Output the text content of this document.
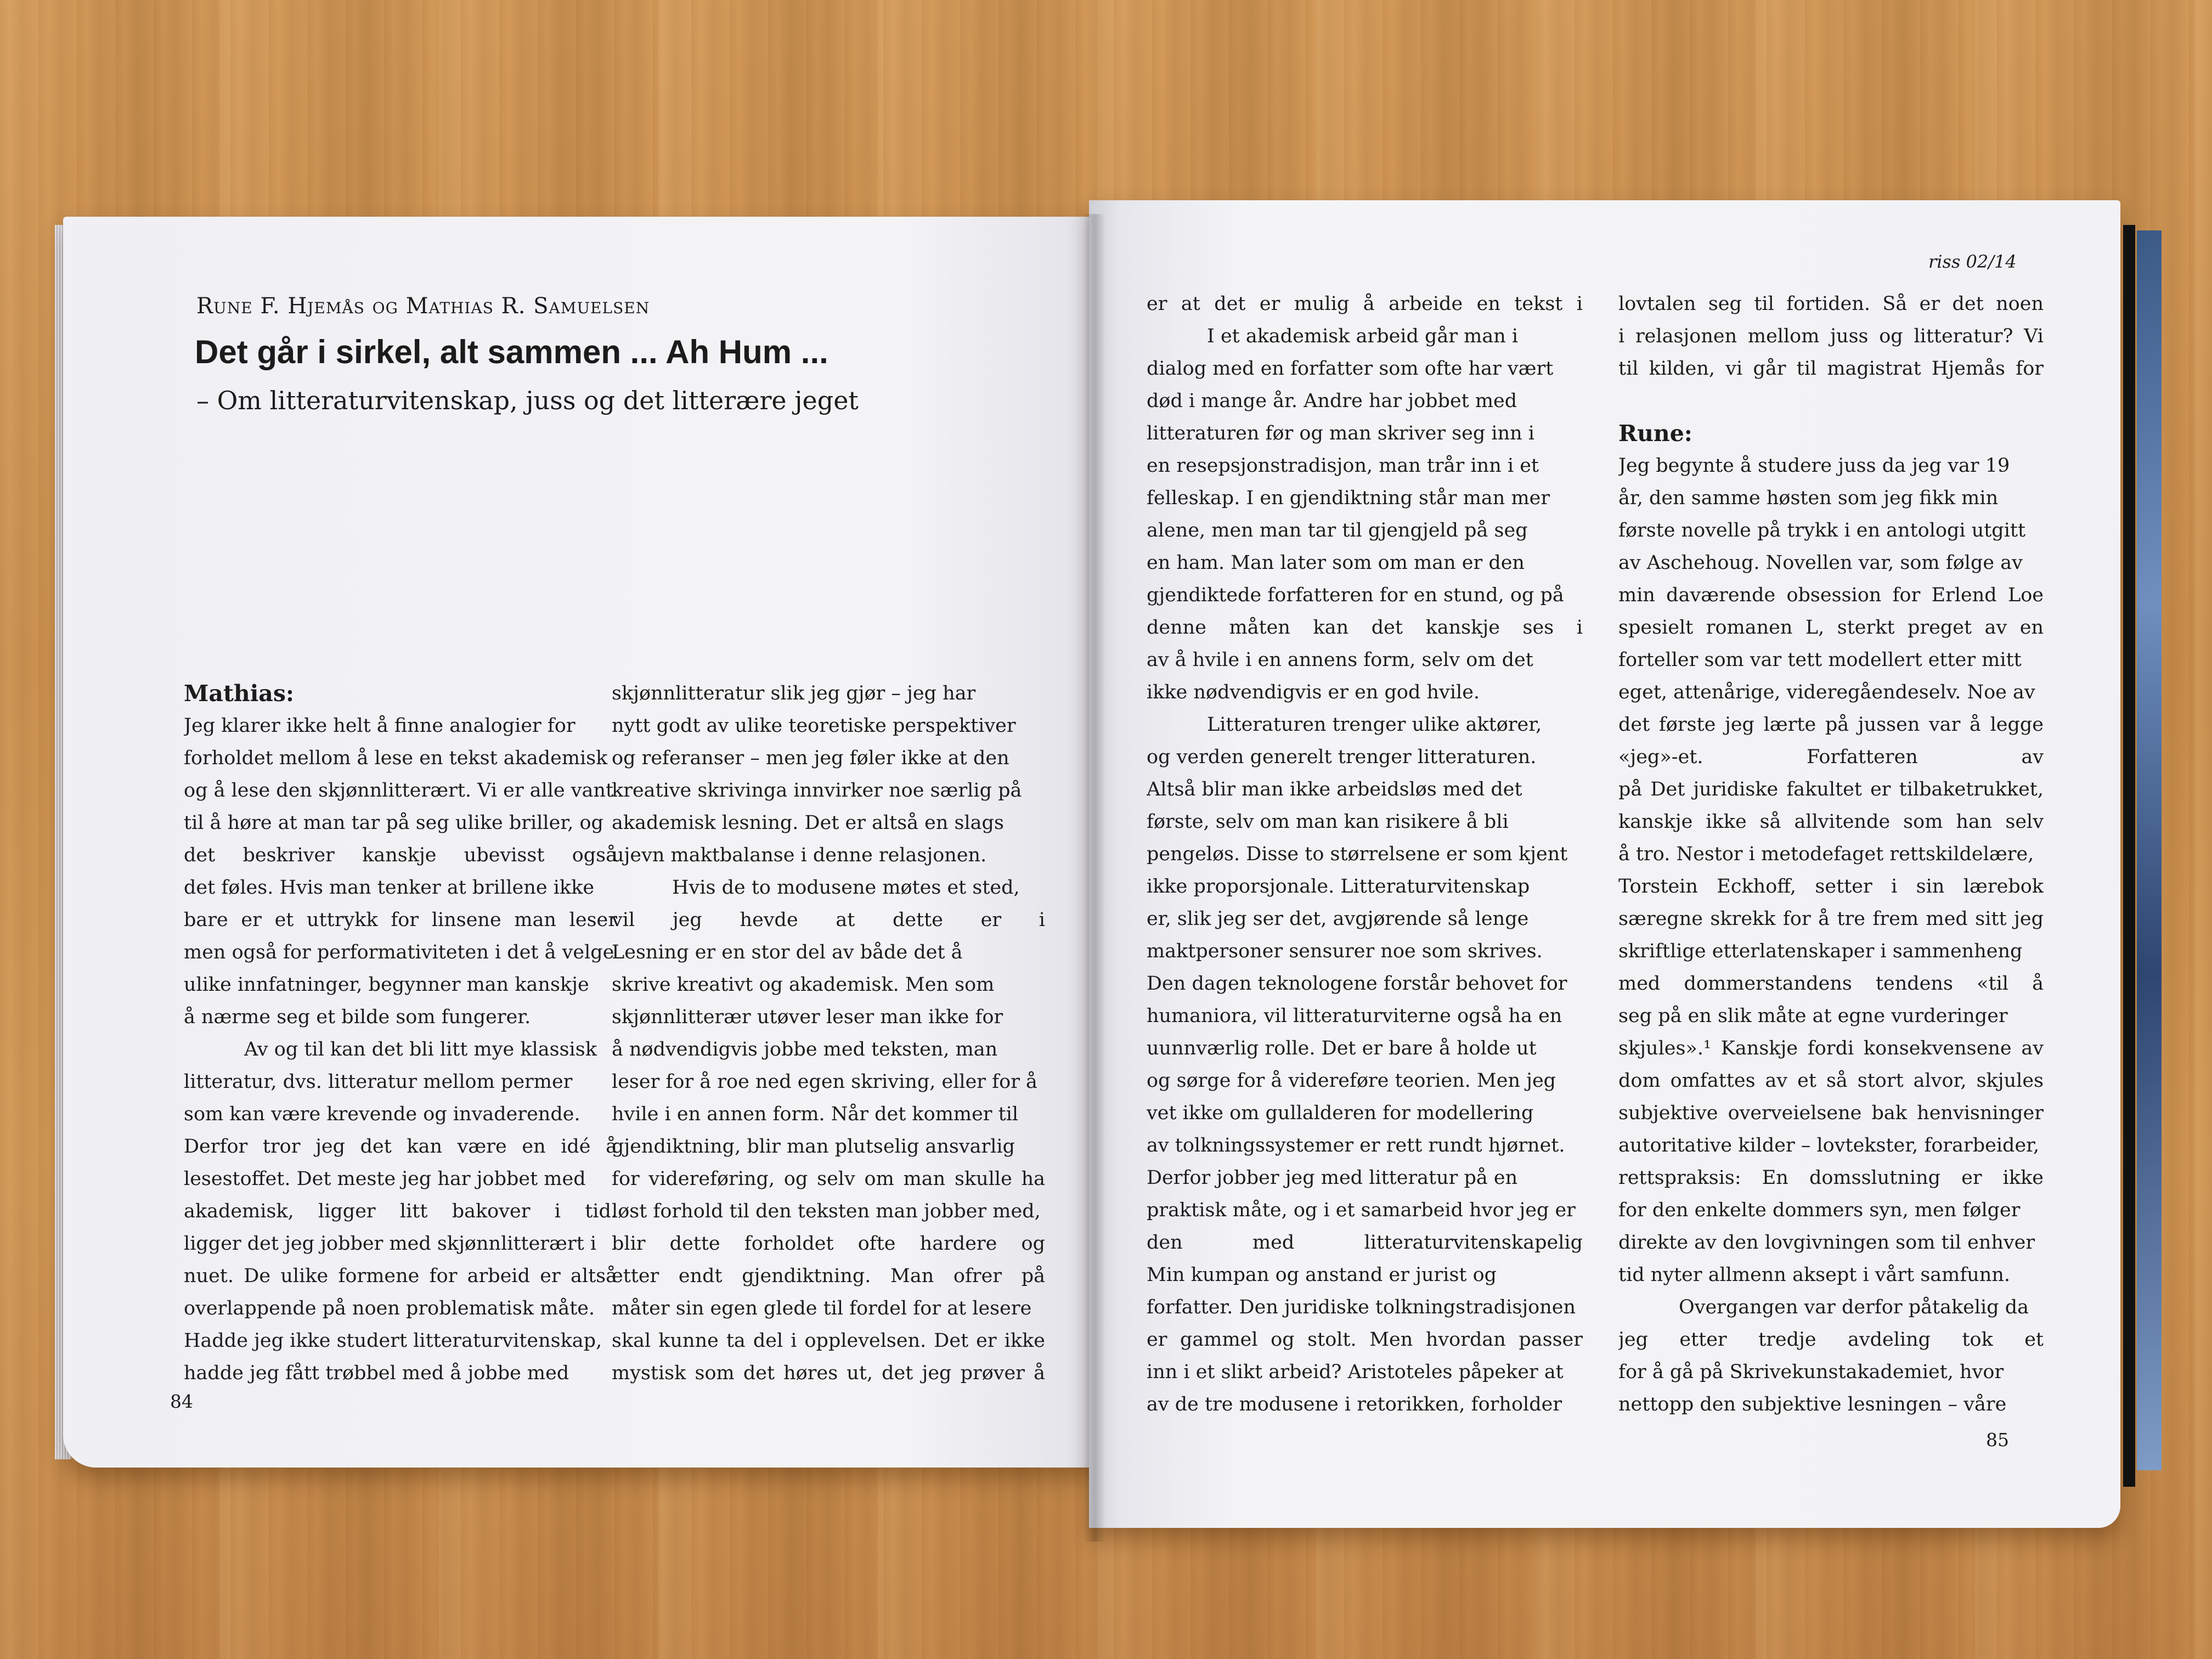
Rune F. Hjemås og Mathias R. Samuelsen
Det går i sirkel, alt sammen ... Ah Hum ...
– Om litteraturvitenskap, juss og det litterære jeget
Mathias:
Jeg klarer ikke helt å finne analogier for
forholdet mellom å lese en tekst akademisk
og å lese den skjønnlitterært. Vi er alle vant
til å høre at man tar på seg ulike briller, og
det beskriver kanskje ubevisst også
det føles. Hvis man tenker at brillene ikke
bare er et uttrykk for linsene man leser
men også for performativiteten i det å velge
ulike innfatninger, begynner man kanskje
å nærme seg et bilde som fungerer.
Av og til kan det bli litt mye klassisk
litteratur, dvs. litteratur mellom permer
som kan være krevende og invaderende.
Derfor tror jeg det kan være en idé å
lesestoffet. Det meste jeg har jobbet med
akademisk, ligger litt bakover i tid.
ligger det jeg jobber med skjønnlitterært i
nuet. De ulike formene for arbeid er altså
overlappende på noen problematisk måte.
Hadde jeg ikke studert litteraturvitenskap,
hadde jeg fått trøbbel med å jobbe med
skjønnlitteratur slik jeg gjør – jeg har
nytt godt av ulike teoretiske perspektiver
og referanser – men jeg føler ikke at den
kreative skrivinga innvirker noe særlig på
akademisk lesning. Det er altså en slags
ujevn maktbalanse i denne relasjonen.
Hvis de to modusene møtes et sted,
vil jeg hevde at dette er i
Lesning er en stor del av både det å
skrive kreativt og akademisk. Men som
skjønnlitterær utøver leser man ikke for
å nødvendigvis jobbe med teksten, man
leser for å roe ned egen skriving, eller for å
hvile i en annen form. Når det kommer til
gjendiktning, blir man plutselig ansvarlig
for videreføring, og selv om man skulle ha
løst forhold til den teksten man jobber med,
blir dette forholdet ofte hardere og
etter endt gjendiktning. Man ofrer på
måter sin egen glede til fordel for at lesere
skal kunne ta del i opplevelsen. Det er ikke
mystisk som det høres ut, det jeg prøver å
84
riss 02/14
er at det er mulig å arbeide en tekst i
I et akademisk arbeid går man i
dialog med en forfatter som ofte har vært
død i mange år. Andre har jobbet med
litteraturen før og man skriver seg inn i
en resepsjonstradisjon, man trår inn i et
felleskap. I en gjendiktning står man mer
alene, men man tar til gjengjeld på seg
en ham. Man later som om man er den
gjendiktede forfatteren for en stund, og på
denne måten kan det kanskje ses i
av å hvile i en annens form, selv om det
ikke nødvendigvis er en god hvile.
Litteraturen trenger ulike aktører,
og verden generelt trenger litteraturen.
Altså blir man ikke arbeidsløs med det
første, selv om man kan risikere å bli
pengeløs. Disse to størrelsene er som kjent
ikke proporsjonale. Litteraturvitenskap
er, slik jeg ser det, avgjørende så lenge
maktpersoner sensurer noe som skrives.
Den dagen teknologene forstår behovet for
humaniora, vil litteraturviterne også ha en
uunnværlig rolle. Det er bare å holde ut
og sørge for å videreføre teorien. Men jeg
vet ikke om gullalderen for modellering
av tolkningssystemer er rett rundt hjørnet.
Derfor jobber jeg med litteratur på en
praktisk måte, og i et samarbeid hvor jeg er
den med litteraturvitenskapelig
Min kumpan og anstand er jurist og
forfatter. Den juridiske tolkningstradisjonen
er gammel og stolt. Men hvordan passer
inn i et slikt arbeid? Aristoteles påpeker at
av de tre modusene i retorikken, forholder
lovtalen seg til fortiden. Så er det noen
i relasjonen mellom juss og litteratur? Vi
til kilden, vi går til magistrat Hjemås for
Rune:
Jeg begynte å studere juss da jeg var 19
år, den samme høsten som jeg fikk min
første novelle på trykk i en antologi utgitt
av Aschehoug. Novellen var, som følge av
min daværende obsession for Erlend Loe
spesielt romanen L, sterkt preget av en
forteller som var tett modellert etter mitt
eget, attenårige, videregåendeselv. Noe av
det første jeg lærte på jussen var å legge
«jeg»-et. Forfatteren av
på Det juridiske fakultet er tilbaketrukket,
kanskje ikke så allvitende som han selv
å tro. Nestor i metodefaget rettskildelære,
Torstein Eckhoff, setter i sin lærebok
særegne skrekk for å tre frem med sitt jeg
skriftlige etterlatenskaper i sammenheng
med dommerstandens tendens «til å
seg på en slik måte at egne vurderinger
skjules».¹ Kanskje fordi konsekvensene av
dom omfattes av et så stort alvor, skjules
subjektive overveielsene bak henvisninger
autoritative kilder – lovtekster, forarbeider,
rettspraksis: En domsslutning er ikke
for den enkelte dommers syn, men følger
direkte av den lovgivningen som til enhver
tid nyter allmenn aksept i vårt samfunn.
Overgangen var derfor påtakelig da
jeg etter tredje avdeling tok et
for å gå på Skrivekunstakademiet, hvor
nettopp den subjektive lesningen – våre
85
